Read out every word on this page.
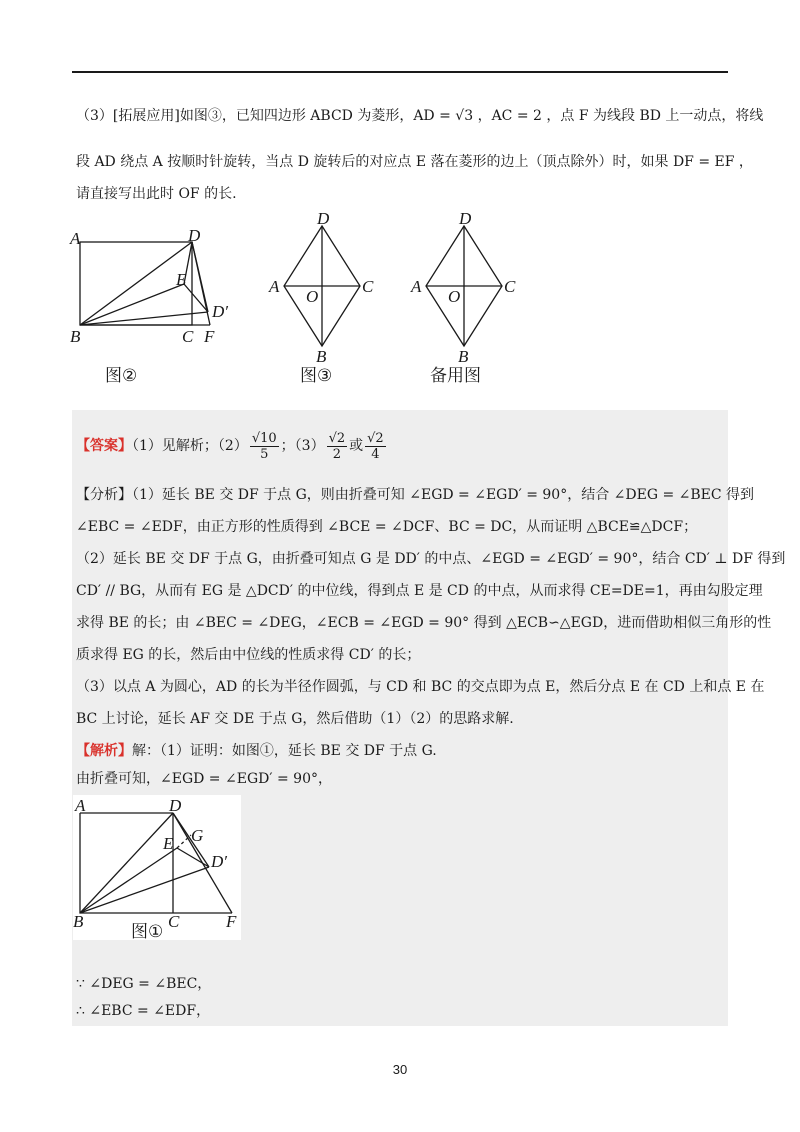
（3）[拓展应用]如图③，已知四边形 ABCD 为菱形，AD = √3 ，AC = 2 ，点 F 为线段 BD 上一动点，将线
段 AD 绕点 A 按顺时针旋转，当点 D 旋转后的对应点 E 落在菱形的边上（顶点除外）时，如果 DF = EF ，
请直接写出此时 OF 的长.
A	D
E
D′
B	C F
图②
D
A
O
C
B
图③
D
A
O
C
B
备用图
【答案】（1）见解析；$(2) \frac{√10}{5}$ ；$(3) \frac{√2}{2}$ 或 $\frac{√2}{4}$
【分析】（1）延长 BE 交 DF 于点 G，则由折叠可知 ∠EGD = ∠EGD′ = 90°，结合 ∠DEG = ∠BEC 得到
∠EBC = ∠EDF，由正方形的性质得到 ∠BCE = ∠DCF、BC = DC，从而证明 △BCE≌△DCF；
（2）延长 BE 交 DF 于点 G，由折叠可知点 G 是 DD′ 的中点、∠EGD = ∠EGD′ = 90°，结合 CD′ ⊥ DF 得到
CD′ // BG，从而有 EG 是 △DCD′ 的中位线，得到点 E 是 CD 的中点，从而求得 CE=DE=1，再由勾股定理
求得 BE 的长；由 ∠BEC = ∠DEG，∠ECB = ∠EGD = 90° 得到 △ECB∽△EGD，进而借助相似三角形的性
质求得 EG 的长，然后由中位线的性质求得 CD′ 的长；
（3）以点 A 为圆心，AD 的长为半径作圆弧，与 CD 和 BC 的交点即为点 E，然后分点 E 在 CD 上和点 E 在
BC 上讨论，延长 AF 交 DE 于点 G，然后借助（1）（2）的思路求解.
【解析】解：（1）证明：如图①，延长 BE 交 DF 于点 G.
由折叠可知，∠EGD = ∠EGD′ = 90°，
A	D
G
E
D′
B	C	F
图①
∵ ∠DEG = ∠BEC，
∴ ∠EBC = ∠EDF，
30
